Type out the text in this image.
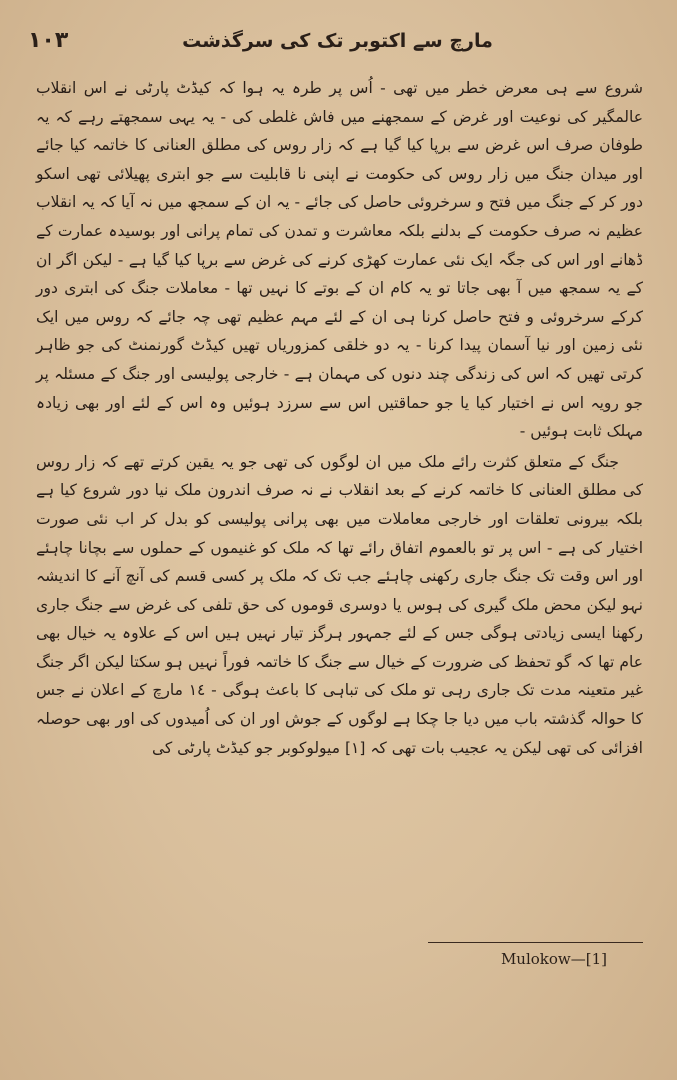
١٠٣	مارچ سے اکتوبر تک کی سرگذشت

شروع سے ہی معرض خطر میں تھی - اُس پر طرہ یہ ہوا کہ کیڈٹ پارٹی نے اس انقلاب عالمگیر کی نوعیت اور غرض کے سمجھنے میں فاش غلطی کی - یہ یہی سمجھتے رہے کہ یہ طوفان صرف اس غرض سے برپا کیا گیا ہے کہ زار روس کی مطلق العنانی کا خاتمہ کیا جائے اور میدان جنگ میں زار روس کی حکومت نے اپنی نا قابلیت سے جو ابتری پھیلائی تھی اسکو دور کر کے جنگ میں فتح و سرخروئی حاصل کی جائے - یہ ان کے سمجھ میں نہ آیا کہ یہ انقلاب عظیم نہ صرف حکومت کے بدلنے بلکہ معاشرت و تمدن کی تمام پرانی اور بوسیدہ عمارت کے ڈھانے اور اس کی جگہ ایک نئی عمارت کھڑی کرنے کی غرض سے برپا کیا گیا ہے - لیکن اگر ان کے یہ سمجھ میں آ بھی جاتا تو یہ کام ان کے بوتے کا نہیں تھا - معاملات جنگ کی ابتری دور کرکے سرخروئی و فتح حاصل کرنا ہی ان کے لئے مہم عظیم تھی چہ جائے کہ روس میں ایک نئی زمین اور نیا آسمان پیدا کرنا - یہ دو خلقی کمزوریاں تھیں کیڈٹ گورنمنٹ کی جو ظاہر کرتی تھیں کہ اس کی زندگی چند دنوں کی مہمان ہے - خارجی پولیسی اور جنگ کے مسئلہ پر جو رویہ اس نے اختیار کیا یا جو حماقتیں اس سے سرزد ہوئیں وہ اس کے لئے اور بھی زیادہ مہلک ثابت ہوئیں -

جنگ کے متعلق کثرت رائے ملک میں ان لوگوں کی تھی جو یہ یقین کرتے تھے کہ زار روس کی مطلق العنانی کا خاتمہ کرنے کے بعد انقلاب نے نہ صرف اندرون ملک نیا دور شروع کیا ہے بلکہ بیرونی تعلقات اور خارجی معاملات میں بھی پرانی پولیسی کو بدل کر اب نئی صورت اختیار کی ہے - اس پر تو بالعموم اتفاق رائے تھا کہ ملک کو غنیموں کے حملوں سے بچانا چاہئے اور اس وقت تک جنگ جاری رکھنی چاہئے جب تک کہ ملک پر کسی قسم کی آنچ آنے کا اندیشہ نہو لیکن محض ملک گیری کی ہوس یا دوسری قوموں کی حق تلفی کی غرض سے جنگ جاری رکھنا ایسی زیادتی ہوگی جس کے لئے جمہور ہرگز تیار نہیں ہیں اس کے علاوہ یہ خیال بھی عام تھا کہ گو تحفظ کی ضرورت کے خیال سے جنگ کا خاتمہ فوراً نہیں ہو سکتا لیکن اگر جنگ غیر متعینہ مدت تک جاری رہی تو ملک کی تباہی کا باعث ہوگی - ١٤ مارچ کے اعلان نے جس کا حوالہ گذشتہ باب میں دیا جا چکا ہے لوگوں کے جوش اور ان کی اُمیدوں کی اور بھی حوصلہ افزائی کی تھی لیکن یہ عجیب بات تھی کہ [١] میولوکوبر جو کیڈٹ پارٹی کی

Mulokow—[1]
